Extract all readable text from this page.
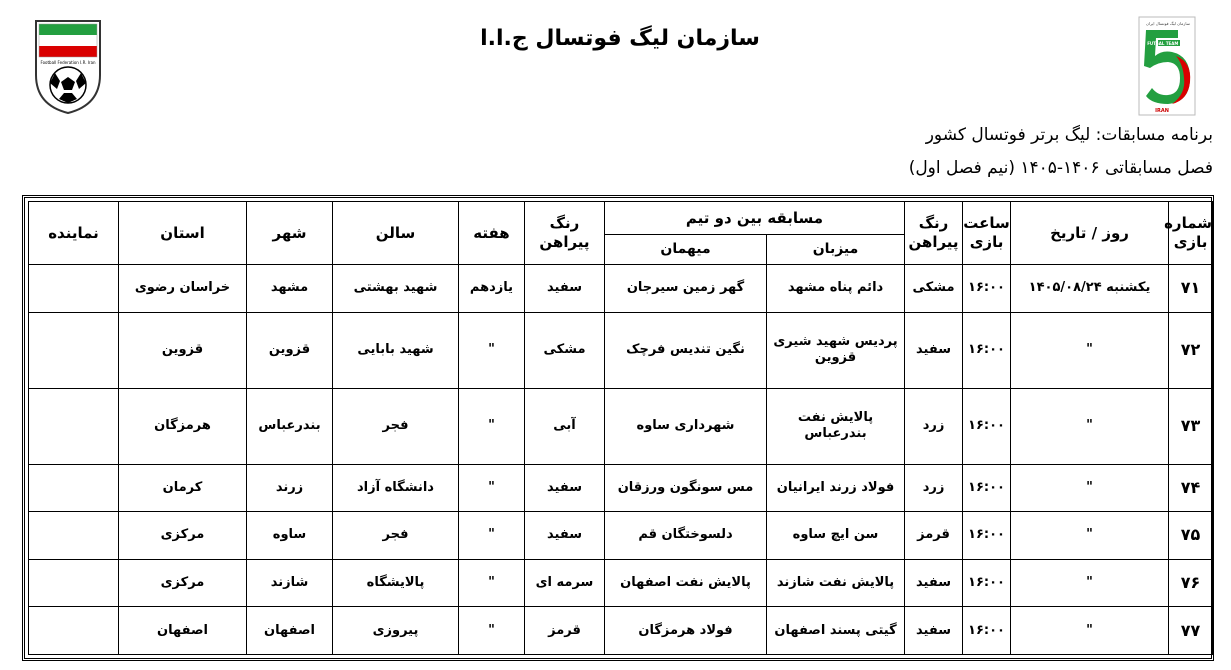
Football Federation I.R. Iran
سازمان لیگ فوتسال ایران
FUTSAL TEAM IRAN
IRAN
سازمان لیگ فوتسال ج.ا.ا
برنامه مسابقات: لیگ برتر فوتسال کشور
فصل مسابقاتی ۱۴۰۶-۱۴۰۵ (نیم فصل اول)
شماره بازی	روز / تاریخ	ساعت بازی	رنگ پیراهن	مسابقه بین دو تیم		رنگ پیراهن	هفته	سالن	شهر	استان	نماینده
				میزبان	میهمان						
۷۱	یکشنبه ۱۴۰۵/۰۸/۲۴	۱۶:۰۰	مشکی	دائم پناه مشهد	گهر زمین سیرجان	سفید	یازدهم	شهید بهشتی	مشهد	خراسان رضوی	
۷۲	"	۱۶:۰۰	سفید	پردیس شهید شیری قزوین	نگین تندیس فرچک	مشکی	"	شهید بابایی	قزوین	قزوین	
۷۳	"	۱۶:۰۰	زرد	پالایش نفت بندرعباس	شهرداری ساوه	آبی	"	فجر	بندرعباس	هرمزگان	
۷۴	"	۱۶:۰۰	زرد	فولاد زرند ایرانیان	مس سونگون ورزقان	سفید	"	دانشگاه آزاد	زرند	کرمان	
۷۵	"	۱۶:۰۰	قرمز	سن ایچ ساوه	دلسوختگان قم	سفید	"	فجر	ساوه	مرکزی	
۷۶	"	۱۶:۰۰	سفید	پالایش نفت شازند	پالایش نفت اصفهان	سرمه ای	"	پالایشگاه	شازند	مرکزی	
۷۷	"	۱۶:۰۰	سفید	گیتی پسند اصفهان	فولاد هرمزگان	قرمز	"	پیروزی	اصفهان	اصفهان	
